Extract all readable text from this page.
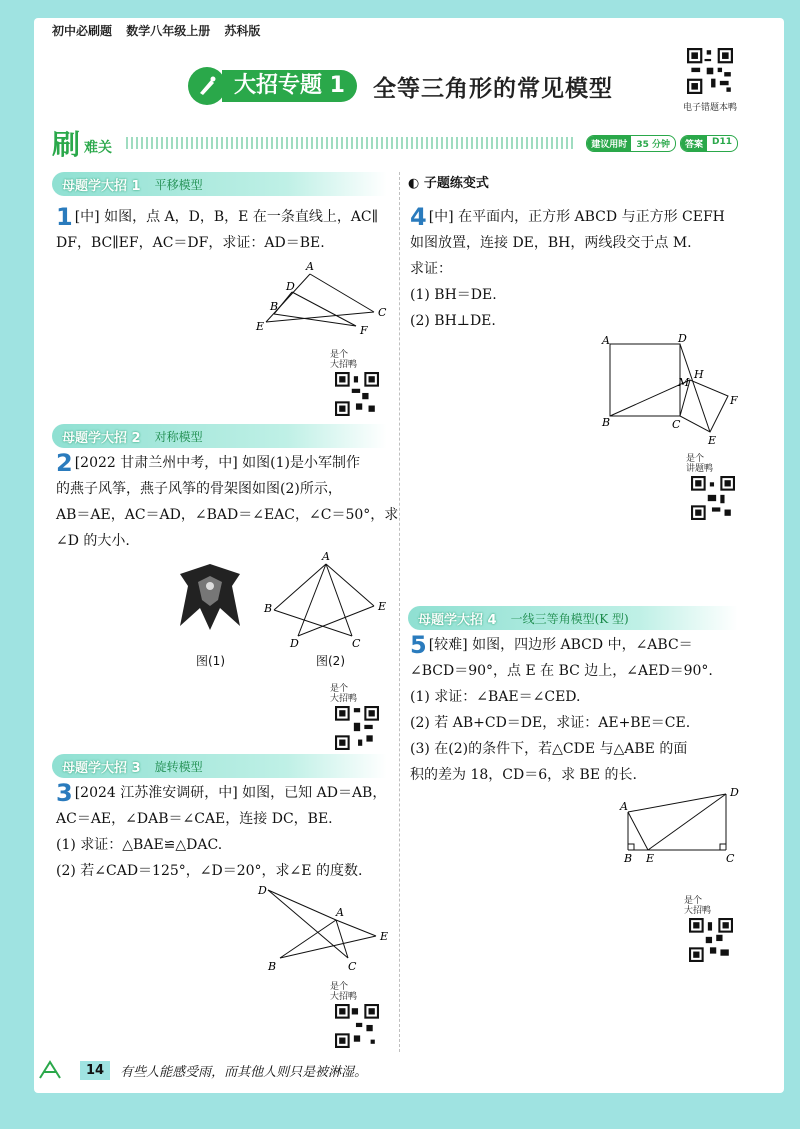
初中必刷题 数学八年级上册 苏科版
大招专题 1	全等三角形的常见模型
电子错题本鸭
刷 难关	建议用时	35 分钟	答案	D11
母题学大招 1 平移模型
1 [中] 如图，点 A，D，B，E 在一条直线上，AC∥
DF，BC∥EF，AC＝DF，求证：AD＝BE.
A
D
B
E
C
F
是个
大招鸭
母题学大招 2 对称模型
2 [2022 甘肃兰州中考，中] 如图(1)是小军制作
的燕子风筝，燕子风筝的骨架图如图(2)所示，
AB＝AE，AC＝AD，∠BAD＝∠EAC，∠C＝50°，求
∠D 的大小.
图(1)
A
B	E
D	C
图(2)
是个
大招鸭
母题学大招 3 旋转模型
3 [2024 江苏淮安调研，中] 如图，已知 AD＝AB，
AC＝AE，∠DAB＝∠CAE，连接 DC，BE.
(1) 求证：△BAE≌△DAC.
(2) 若∠CAD＝125°，∠D＝20°，求∠E 的度数.
D
A
E
B	C
是个
大招鸭
◐ 子题练变式
4 [中] 在平面内，正方形 ABCD 与正方形 CEFH
如图放置，连接 DE，BH，两线段交于点 M.
求证：
(1) BH＝DE.
(2) BH⊥DE.
A	D
M
H
F
B	C
E
是个
讲题鸭
母题学大招 4 一线三等角模型(K 型)
5 [较难] 如图，四边形 ABCD 中，∠ABC＝
∠BCD＝90°，点 E 在 BC 边上，∠AED＝90°.
(1) 求证：∠BAE＝∠CED.
(2) 若 AB+CD＝DE，求证：AE+BE＝CE.
(3) 在(2)的条件下，若△CDE 与△ABE 的面
积的差为 18，CD＝6，求 BE 的长.
A
D
B E	C
是个
大招鸭
14	有些人能感受雨，而其他人则只是被淋湿。
